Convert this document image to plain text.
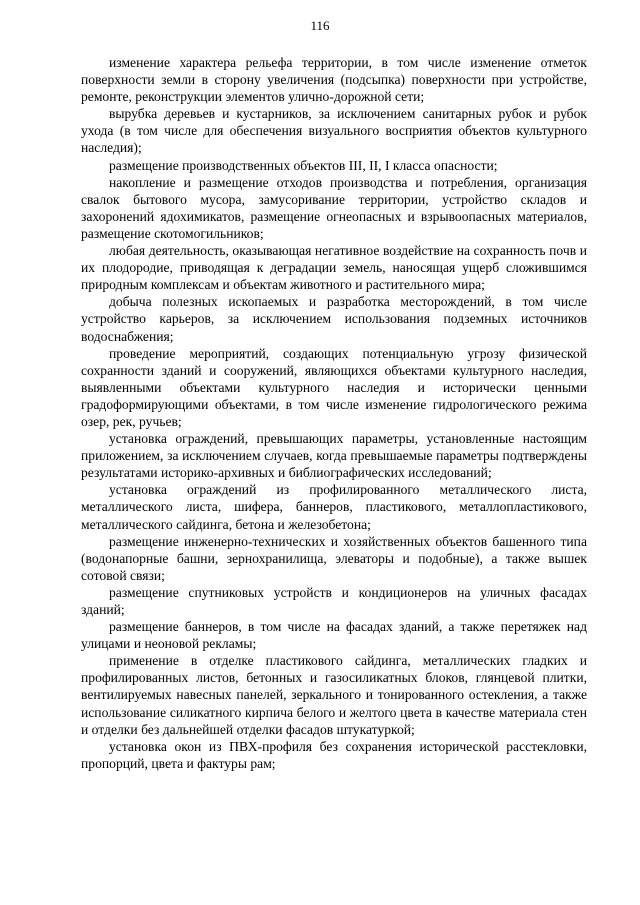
116

изменение характера рельефа территории, в том числе изменение отметок поверхности земли в сторону увеличения (подсыпка) поверхности при устройстве, ремонте, реконструкции элементов улично-дорожной сети;

вырубка деревьев и кустарников, за исключением санитарных рубок и рубок ухода (в том числе для обеспечения визуального восприятия объектов культурного наследия);

размещение производственных объектов III, II, I класса опасности;

накопление и размещение отходов производства и потребления, организация свалок бытового мусора, замусоривание территории, устройство складов и захоронений ядохимикатов, размещение огнеопасных и взрывоопасных материалов, размещение скотомогильников;

любая деятельность, оказывающая негативное воздействие на сохранность почв и их плодородие, приводящая к деградации земель, наносящая ущерб сложившимся природным комплексам и объектам животного и растительного мира;

добыча полезных ископаемых и разработка месторождений, в том числе устройство карьеров, за исключением использования подземных источников водоснабжения;

проведение мероприятий, создающих потенциальную угрозу физической сохранности зданий и сооружений, являющихся объектами культурного наследия, выявленными объектами культурного наследия и исторически ценными градоформирующими объектами, в том числе изменение гидрологического режима озер, рек, ручьев;

установка ограждений, превышающих параметры, установленные настоящим приложением, за исключением случаев, когда превышаемые параметры подтверждены результатами историко-архивных и библиографических исследований;

установка ограждений из профилированного металлического листа, металлического листа, шифера, баннеров, пластикового, металлопластикового, металлического сайдинга, бетона и железобетона;

размещение инженерно-технических и хозяйственных объектов башенного типа (водонапорные башни, зернохранилища, элеваторы и подобные), а также вышек сотовой связи;

размещение спутниковых устройств и кондиционеров на уличных фасадах зданий;

размещение баннеров, в том числе на фасадах зданий, а также перетяжек над улицами и неоновой рекламы;

применение в отделке пластикового сайдинга, металлических гладких и профилированных листов, бетонных и газосиликатных блоков, глянцевой плитки, вентилируемых навесных панелей, зеркального и тонированного остекления, а также использование силикатного кирпича белого и желтого цвета в качестве материала стен и отделки без дальнейшей отделки фасадов штукатуркой;

установка окон из ПВХ-профиля без сохранения исторической расстекловки, пропорций, цвета и фактуры рам;
